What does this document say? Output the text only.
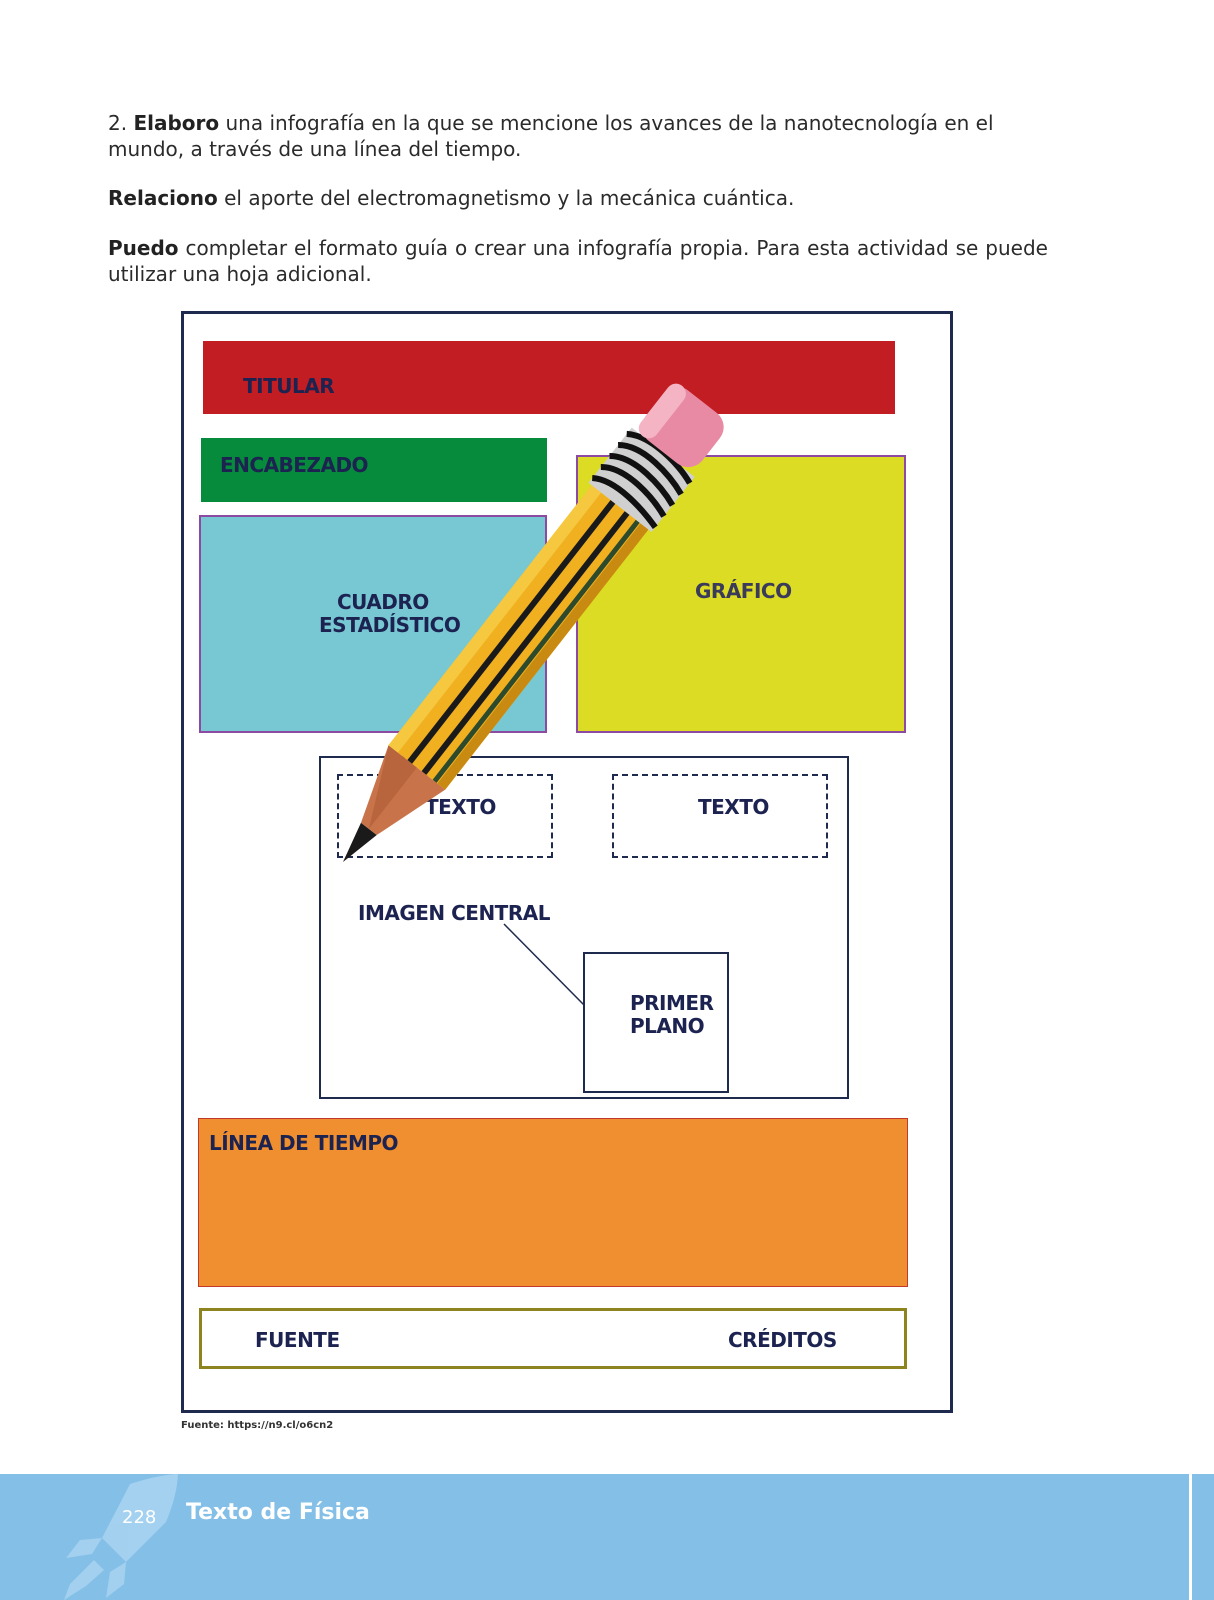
2. Elaboro una infografía en la que se mencione los avances de la nanotecnología en el mundo, a través de una línea del tiempo.

Relaciono el aporte del electromagnetismo y la mecánica cuántica.

Puedo completar el formato guía o crear una infografía propia. Para esta actividad se puede utilizar una hoja adicional.

TITULAR
ENCABEZADO
CUADRO
ESTADÍSTICO
GRÁFICO
TEXTO	TEXTO
IMAGEN CENTRAL
PRIMER
PLANO
LÍNEA DE TIEMPO
FUENTE	CRÉDITOS
Fuente: https://n9.cl/o6cn2
228 Texto de Física
